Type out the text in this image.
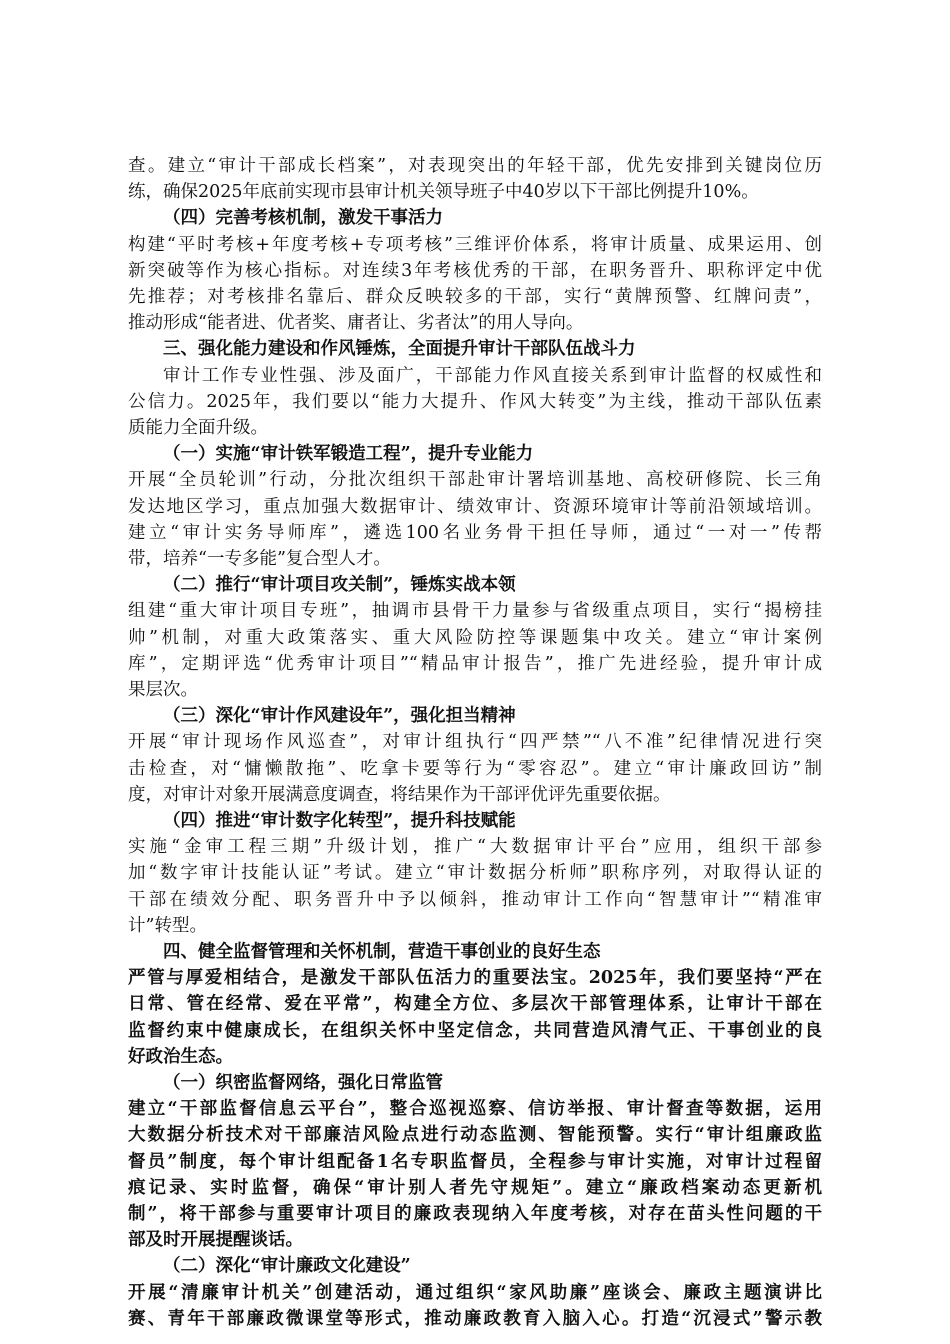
查。建立“审计干部成长档案”，对表现突出的年轻干部，优先安排到关键岗位历
练，确保2025年底前实现市县审计机关领导班子中40岁以下干部比例提升10%。
（四）完善考核机制，激发干事活力
构建“平时考核+年度考核+专项考核”三维评价体系，将审计质量、成果运用、创
新突破等作为核心指标。对连续3年考核优秀的干部，在职务晋升、职称评定中优
先推荐；对考核排名靠后、群众反映较多的干部，实行“黄牌预警、红牌问责”，
推动形成“能者进、优者奖、庸者让、劣者汰”的用人导向。
三、强化能力建设和作风锤炼，全面提升审计干部队伍战斗力
审计工作专业性强、涉及面广，干部能力作风直接关系到审计监督的权威性和
公信力。2025年，我们要以“能力大提升、作风大转变”为主线，推动干部队伍素
质能力全面升级。
（一）实施“审计铁军锻造工程”，提升专业能力
开展“全员轮训”行动，分批次组织干部赴审计署培训基地、高校研修院、长三角
发达地区学习，重点加强大数据审计、绩效审计、资源环境审计等前沿领域培训。
建立“审计实务导师库”，遴选100名业务骨干担任导师，通过“一对一”传帮
带，培养“一专多能”复合型人才。
（二）推行“审计项目攻关制”，锤炼实战本领
组建“重大审计项目专班”，抽调市县骨干力量参与省级重点项目，实行“揭榜挂
帅”机制，对重大政策落实、重大风险防控等课题集中攻关。建立“审计案例
库”，定期评选“优秀审计项目”“精品审计报告”，推广先进经验，提升审计成
果层次。
（三）深化“审计作风建设年”，强化担当精神
开展“审计现场作风巡查”，对审计组执行“四严禁”“八不准”纪律情况进行突
击检查，对“慵懒散拖”、吃拿卡要等行为“零容忍”。建立“审计廉政回访”制
度，对审计对象开展满意度调查，将结果作为干部评优评先重要依据。
（四）推进“审计数字化转型”，提升科技赋能
实施“金审工程三期”升级计划，推广“大数据审计平台”应用，组织干部参
加“数字审计技能认证”考试。建立“审计数据分析师”职称序列，对取得认证的
干部在绩效分配、职务晋升中予以倾斜，推动审计工作向“智慧审计”“精准审
计”转型。
四、健全监督管理和关怀机制，营造干事创业的良好生态
严管与厚爱相结合，是激发干部队伍活力的重要法宝。2025年，我们要坚持“严在
日常、管在经常、爱在平常”，构建全方位、多层次干部管理体系，让审计干部在
监督约束中健康成长，在组织关怀中坚定信念，共同营造风清气正、干事创业的良
好政治生态。
（一）织密监督网络，强化日常监管
建立“干部监督信息云平台”，整合巡视巡察、信访举报、审计督查等数据，运用
大数据分析技术对干部廉洁风险点进行动态监测、智能预警。实行“审计组廉政监
督员”制度，每个审计组配备1名专职监督员，全程参与审计实施，对审计过程留
痕记录、实时监督，确保“审计别人者先守规矩”。建立“廉政档案动态更新机
制”，将干部参与重要审计项目的廉政表现纳入年度考核，对存在苗头性问题的干
部及时开展提醒谈话。
（二）深化“审计廉政文化建设”
开展“清廉审计机关”创建活动，通过组织“家风助廉”座谈会、廉政主题演讲比
赛、青年干部廉政微课堂等形式，推动廉政教育入脑入心。打造“沉浸式”警示教
